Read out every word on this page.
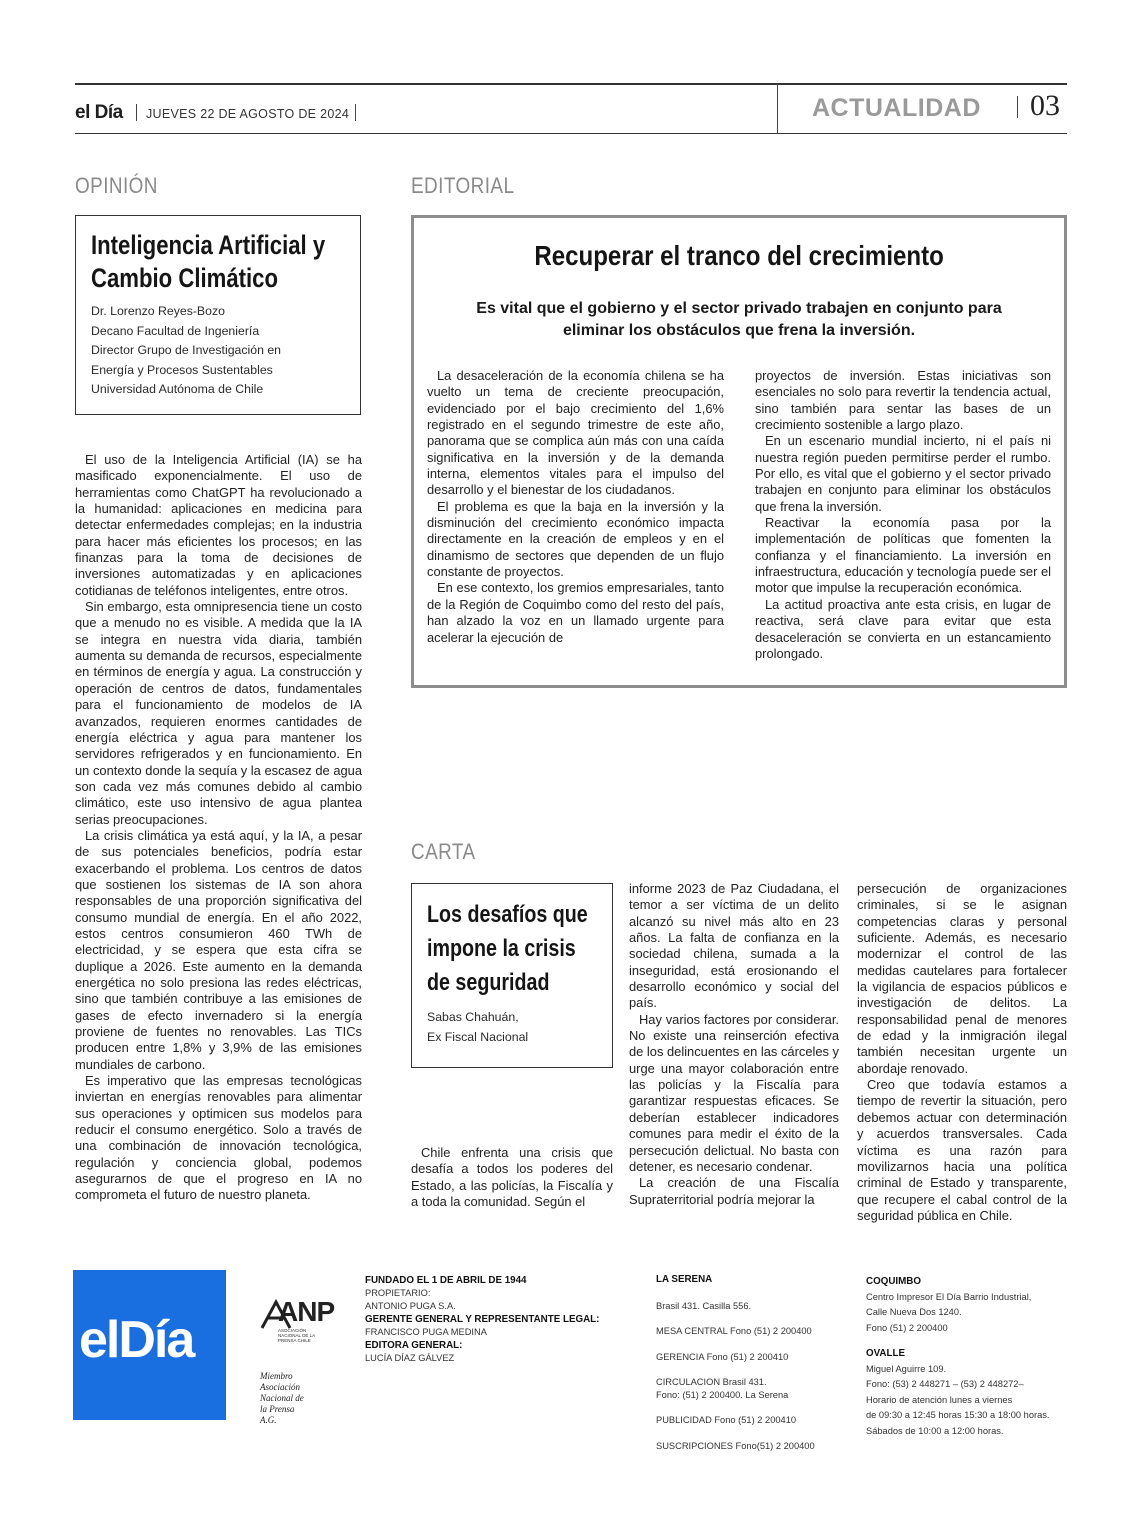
el Día JUEVES 22 DE AGOSTO DE 2024	ACTUALIDAD 03
OPINIÓN
Inteligencia Artificial y Cambio Climático
Dr. Lorenzo Reyes-Bozo
Decano Facultad de Ingeniería
Director Grupo de Investigación en
Energía y Procesos Sustentables
Universidad Autónoma de Chile

El uso de la Inteligencia Artificial (IA) se ha masificado exponencialmente. El uso de herramientas como ChatGPT ha revolucionado a la humanidad: aplicaciones en medicina para detectar enfermedades complejas; en la industria para hacer más eficientes los procesos; en las finanzas para la toma de decisiones de inversiones automatizadas y en aplicaciones cotidianas de teléfonos inteligentes, entre otros.

Sin embargo, esta omnipresencia tiene un costo que a menudo no es visible. A medida que la IA se integra en nuestra vida diaria, también aumenta su demanda de recursos, especialmente en términos de energía y agua. La construcción y operación de centros de datos, fundamentales para el funcionamiento de modelos de IA avanzados, requieren enormes cantidades de energía eléctrica y agua para mantener los servidores refrigerados y en funcionamiento. En un contexto donde la sequía y la escasez de agua son cada vez más comunes debido al cambio climático, este uso intensivo de agua plantea serias preocupaciones.

La crisis climática ya está aquí, y la IA, a pesar de sus potenciales beneficios, podría estar exacerbando el problema. Los centros de datos que sostienen los sistemas de IA son ahora responsables de una proporción significativa del consumo mundial de energía. En el año 2022, estos centros consumieron 460 TWh de electricidad, y se espera que esta cifra se duplique a 2026. Este aumento en la demanda energética no solo presiona las redes eléctricas, sino que también contribuye a las emisiones de gases de efecto invernadero si la energía proviene de fuentes no renovables. Las TICs producen entre 1,8% y 3,9% de las emisiones mundiales de carbono.

Es imperativo que las empresas tecnológicas inviertan en energías renovables para alimentar sus operaciones y optimicen sus modelos para reducir el consumo energético. Solo a través de una combinación de innovación tecnológica, regulación y conciencia global, podemos asegurarnos de que el progreso en IA no comprometa el futuro de nuestro planeta.

EDITORIAL
Recuperar el tranco del crecimiento
Es vital que el gobierno y el sector privado trabajen en conjunto para eliminar los obstáculos que frena la inversión.

La desaceleración de la economía chilena se ha vuelto un tema de creciente preocupación, evidenciado por el bajo crecimiento del 1,6% registrado en el segundo trimestre de este año, panorama que se complica aún más con una caída significativa en la inversión y de la demanda interna, elementos vitales para el impulso del desarrollo y el bienestar de los ciudadanos.

El problema es que la baja en la inversión y la disminución del crecimiento económico impacta directamente en la creación de empleos y en el dinamismo de sectores que dependen de un flujo constante de proyectos.

En ese contexto, los gremios empresariales, tanto de la Región de Coquimbo como del resto del país, han alzado la voz en un llamado urgente para acelerar la ejecución de

proyectos de inversión. Estas iniciativas son esenciales no solo para revertir la tendencia actual, sino también para sentar las bases de un crecimiento sostenible a largo plazo.

En un escenario mundial incierto, ni el país ni nuestra región pueden permitirse perder el rumbo. Por ello, es vital que el gobierno y el sector privado trabajen en conjunto para eliminar los obstáculos que frena la inversión.

Reactivar la economía pasa por la implementación de políticas que fomenten la confianza y el financiamiento. La inversión en infraestructura, educación y tecnología puede ser el motor que impulse la recuperación económica.

La actitud proactiva ante esta crisis, en lugar de reactiva, será clave para evitar que esta desaceleración se convierta en un estancamiento prolongado.

CARTA
Los desafíos que
impone la crisis
de seguridad
Sabas Chahuán,
Ex Fiscal Nacional

Chile enfrenta una crisis que desafía a todos los poderes del Estado, a las policías, la Fiscalía y a toda la comunidad. Según el

informe 2023 de Paz Ciudadana, el temor a ser víctima de un delito alcanzó su nivel más alto en 23 años. La falta de confianza en la sociedad chilena, sumada a la inseguridad, está erosionando el desarrollo económico y social del país.

Hay varios factores por considerar. No existe una reinserción efectiva de los delincuentes en las cárceles y urge una mayor colaboración entre las policías y la Fiscalía para garantizar respuestas eficaces. Se deberían establecer indicadores comunes para medir el éxito de la persecución delictual. No basta con detener, es necesario condenar.

La creación de una Fiscalía Supraterritorial podría mejorar la

persecución de organizaciones criminales, si se le asignan competencias claras y personal suficiente. Además, es necesario modernizar el control de las medidas cautelares para fortalecer la vigilancia de espacios públicos e investigación de delitos. La responsabilidad penal de menores de edad y la inmigración ilegal también necesitan urgente un abordaje renovado.

Creo que todavía estamos a tiempo de revertir la situación, pero debemos actuar con determinación y acuerdos transversales. Cada víctima es una razón para movilizarnos hacia una política criminal de Estado y transparente, que recupere el cabal control de la seguridad pública en Chile.

elDía	ANP
ASOCIACIÓN NACIONAL DE LA PRENSA CHILE
Miembro
Asociación
Nacional de
la Prensa
A.G.
FUNDADO EL 1 DE ABRIL DE 1944
PROPIETARIO:
ANTONIO PUGA S.A.
GERENTE GENERAL Y REPRESENTANTE LEGAL:
FRANCISCO PUGA MEDINA
EDITORA GENERAL:
LUCÍA DÍAZ GÁLVEZ
LA SERENA
Brasil 431. Casilla 556.
MESA CENTRAL Fono (51) 2 200400
GERENCIA Fono (51) 2 200410
CIRCULACION Brasil 431.
Fono: (51) 2 200400. La Serena
PUBLICIDAD Fono (51) 2 200410
SUSCRIPCIONES Fono(51) 2 200400
COQUIMBO
Centro Impresor El Día Barrio Industrial,
Calle Nueva Dos 1240.
Fono (51) 2 200400
OVALLE
Miguel Aguirre 109.
Fono: (53) 2 448271 – (53) 2 448272–
Horario de atención lunes a viernes
de 09:30 a 12:45 horas 15:30 a 18:00 horas.
Sábados de 10:00 a 12:00 horas.
